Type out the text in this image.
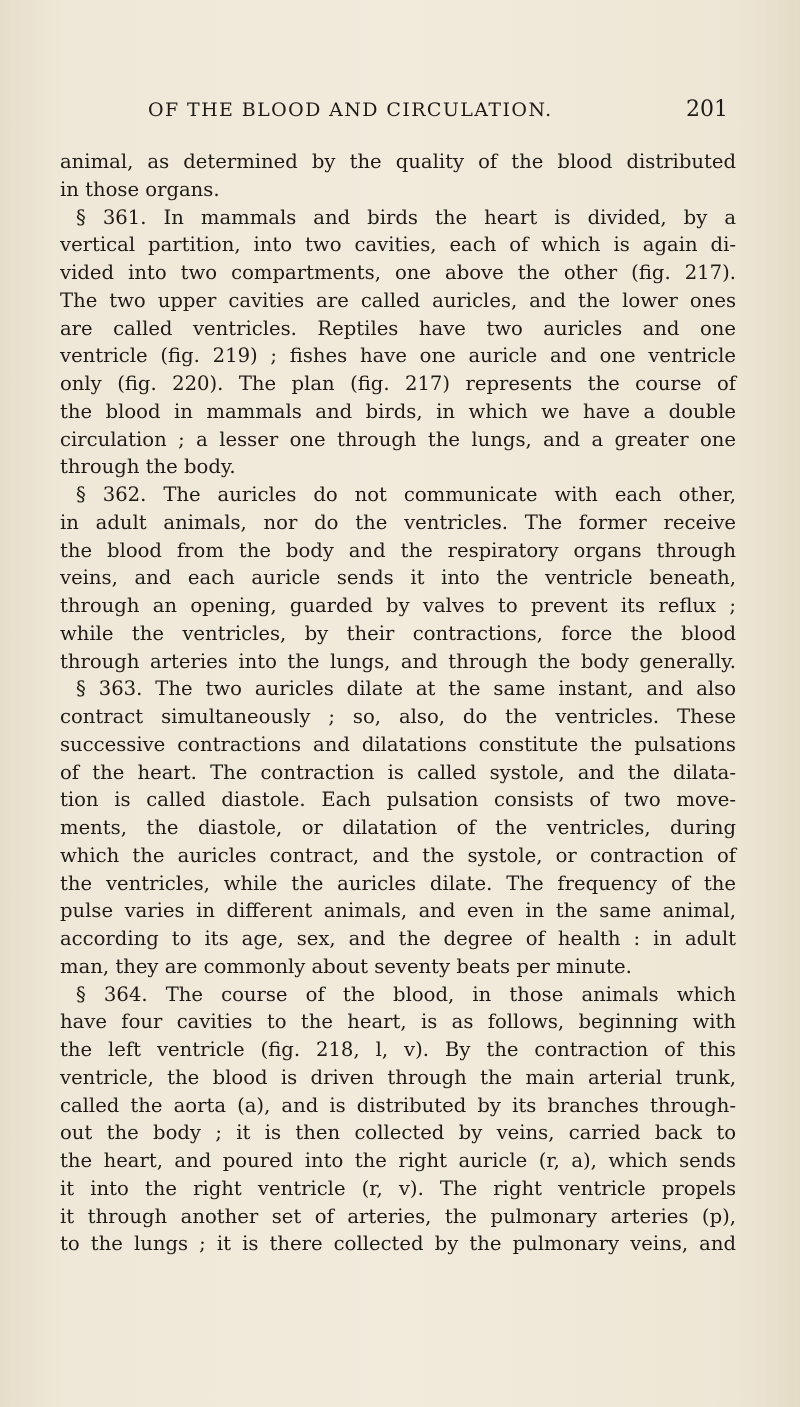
OF THE BLOOD AND CIRCULATION.	201
animal, as determined by the quality of the blood distributed
in those organs.
§ 361. In mammals and birds the heart is divided, by a
vertical partition, into two cavities, each of which is again di-
vided into two compartments, one above the other (fig. 217).
The two upper cavities are called auricles, and the lower ones
are called ventricles. Reptiles have two auricles and one
ventricle (fig. 219) ; fishes have one auricle and one ventricle
only (fig. 220). The plan (fig. 217) represents the course of
the blood in mammals and birds, in which we have a double
circulation ; a lesser one through the lungs, and a greater one
through the body.
§ 362. The auricles do not communicate with each other,
in adult animals, nor do the ventricles. The former receive
the blood from the body and the respiratory organs through
veins, and each auricle sends it into the ventricle beneath,
through an opening, guarded by valves to prevent its reflux ;
while the ventricles, by their contractions, force the blood
through arteries into the lungs, and through the body generally.
§ 363. The two auricles dilate at the same instant, and also
contract simultaneously ; so, also, do the ventricles. These
successive contractions and dilatations constitute the pulsations
of the heart. The contraction is called systole, and the dilata-
tion is called diastole. Each pulsation consists of two move-
ments, the diastole, or dilatation of the ventricles, during
which the auricles contract, and the systole, or contraction of
the ventricles, while the auricles dilate. The frequency of the
pulse varies in different animals, and even in the same animal,
according to its age, sex, and the degree of health : in adult
man, they are commonly about seventy beats per minute.
§ 364. The course of the blood, in those animals which
have four cavities to the heart, is as follows, beginning with
the left ventricle (fig. 218, l, v). By the contraction of this
ventricle, the blood is driven through the main arterial trunk,
called the aorta (a), and is distributed by its branches through-
out the body ; it is then collected by veins, carried back to
the heart, and poured into the right auricle (r, a), which sends
it into the right ventricle (r, v). The right ventricle propels
it through another set of arteries, the pulmonary arteries (p),
to the lungs ; it is there collected by the pulmonary veins, and
